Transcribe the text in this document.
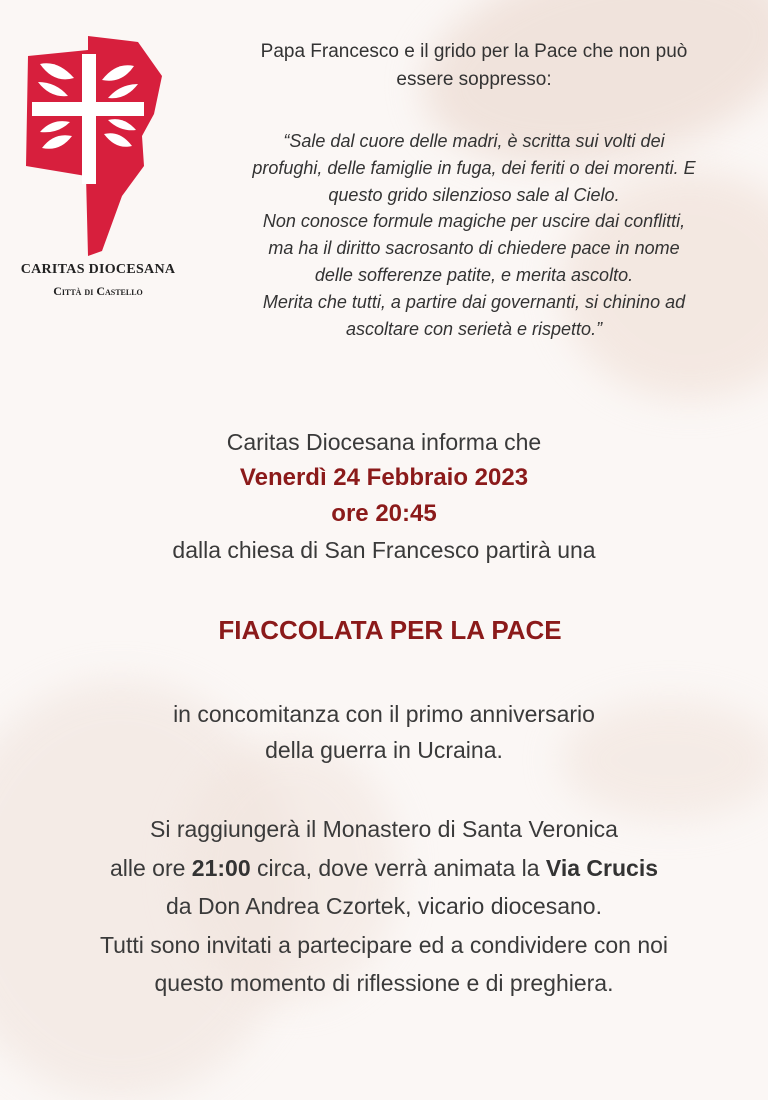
CARITAS DIOCESANA
Città di Castello
Papa Francesco e il grido per la Pace che non può
essere soppresso:
“Sale dal cuore delle madri, è scritta sui volti dei
profughi, delle famiglie in fuga, dei feriti o dei morenti. E
questo grido silenzioso sale al Cielo.
Non conosce formule magiche per uscire dai conflitti,
ma ha il diritto sacrosanto di chiedere pace in nome
delle sofferenze patite, e merita ascolto.
Merita che tutti, a partire dai governanti, si chinino ad
ascoltare con serietà e rispetto.”
Caritas Diocesana informa che
Venerdì 24 Febbraio 2023
ore 20:45
dalla chiesa di San Francesco partirà una
FIACCOLATA PER LA PACE
in concomitanza con il primo anniversario
della guerra in Ucraina.
Si raggiungerà il Monastero di Santa Veronica
alle ore 21:00 circa, dove verrà animata la Via Crucis
da Don Andrea Czortek, vicario diocesano.
Tutti sono invitati a partecipare ed a condividere con noi
questo momento di riflessione e di preghiera.
